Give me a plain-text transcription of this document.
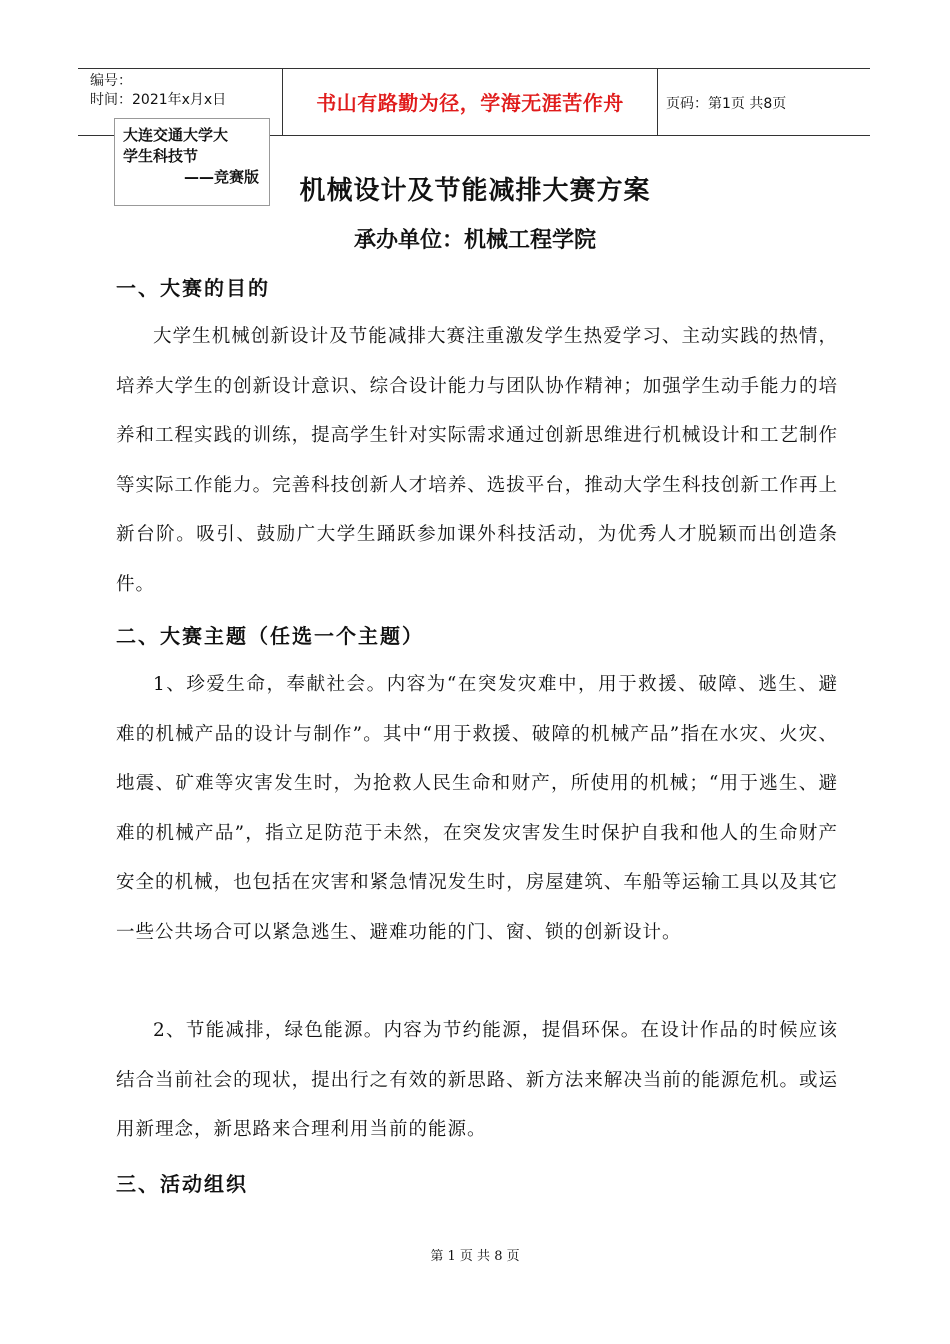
编号：
时间：2021年x月x日	书山有路勤为径，学海无涯苦作舟	页码：第1页 共8页
大连交通大学大
学生科技节
——竞赛版	机械设计及节能减排大赛方案
承办单位：机械工程学院
一、大赛的目的
大学生机械创新设计及节能减排大赛注重激发学生热爱学习、主动实践的热情，培养大学生的创新设计意识、综合设计能力与团队协作精神；加强学生动手能力的培养和工程实践的训练，提高学生针对实际需求通过创新思维进行机械设计和工艺制作等实际工作能力。完善科技创新人才培养、选拔平台，推动大学生科技创新工作再上新台阶。吸引、鼓励广大学生踊跃参加课外科技活动，为优秀人才脱颖而出创造条件。
二、大赛主题（任选一个主题）
1、珍爱生命，奉献社会。内容为“在突发灾难中，用于救援、破障、逃生、避难的机械产品的设计与制作”。其中“用于救援、破障的机械产品”指在水灾、火灾、地震、矿难等灾害发生时，为抢救人民生命和财产，所使用的机械；“用于逃生、避难的机械产品”，指立足防范于未然，在突发灾害发生时保护自我和他人的生命财产安全的机械，也包括在灾害和紧急情况发生时，房屋建筑、车船等运输工具以及其它一些公共场合可以紧急逃生、避难功能的门、窗、锁的创新设计。
2、节能减排，绿色能源。内容为节约能源，提倡环保。在设计作品的时候应该结合当前社会的现状，提出行之有效的新思路、新方法来解决当前的能源危机。或运用新理念，新思路来合理利用当前的能源。
三、活动组织
第 1 页 共 8 页
